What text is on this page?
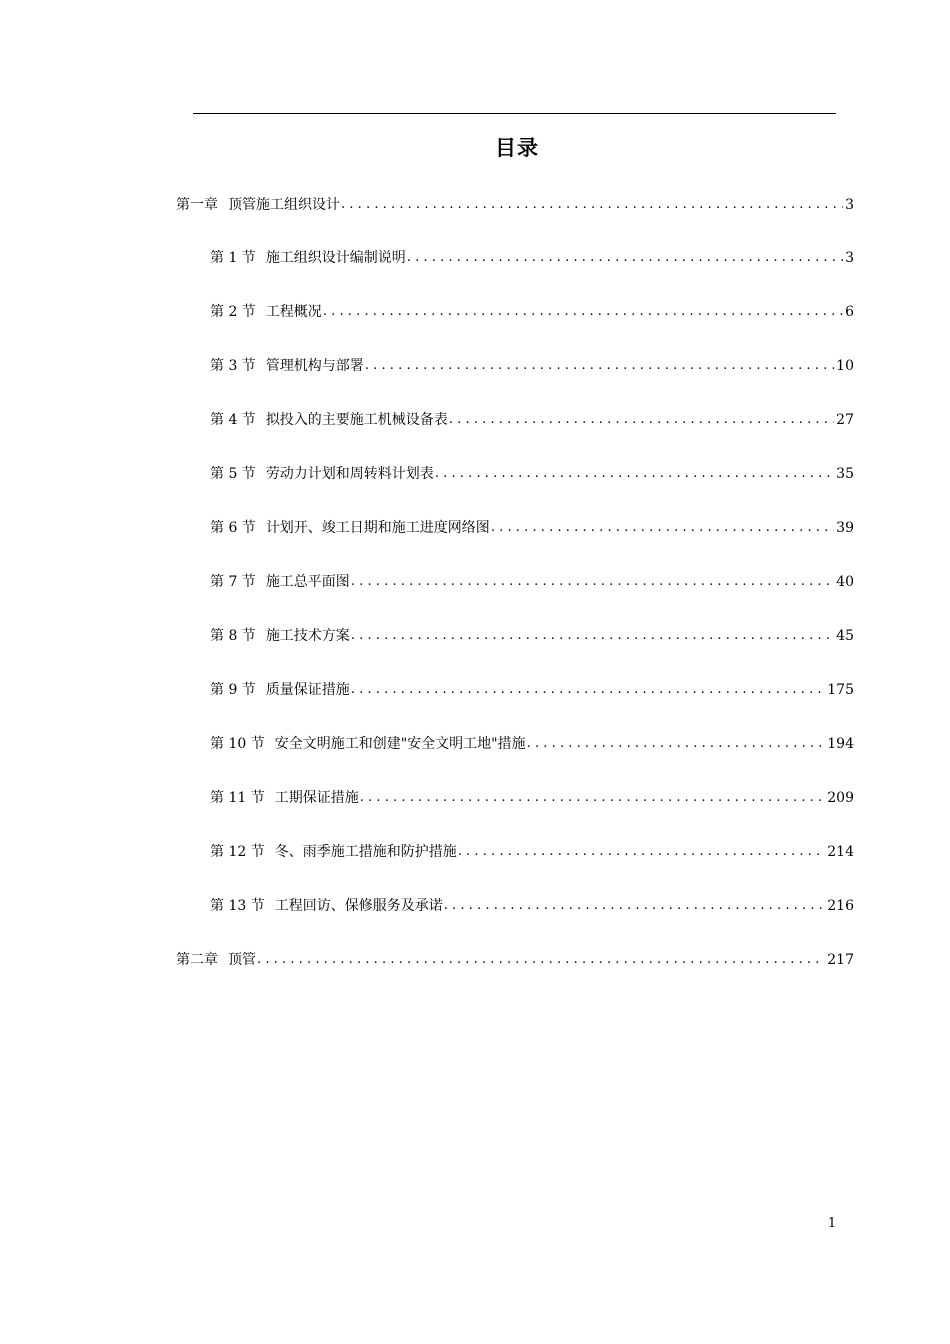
目录
第一章 顶管施工组织设计 .....	3
第 1 节 施工组织设计编制说明 .....	3
第 2 节 工程概况 .....	6
第 3 节 管理机构与部署 .....	10
第 4 节 拟投入的主要施工机械设备表 .....	27
第 5 节 劳动力计划和周转料计划表 .....	35
第 6 节 计划开、竣工日期和施工进度网络图 .....	39
第 7 节 施工总平面图 .....	40
第 8 节 施工技术方案 .....	45
第 9 节 质量保证措施 .....	175
第 10 节 安全文明施工和创建"安全文明工地"措施 .....	194
第 11 节 工期保证措施 .....	209
第 12 节 冬、雨季施工措施和防护措施 .....	214
第 13 节 工程回访、保修服务及承诺 .....	216
第二章 顶管 .....	217
1
